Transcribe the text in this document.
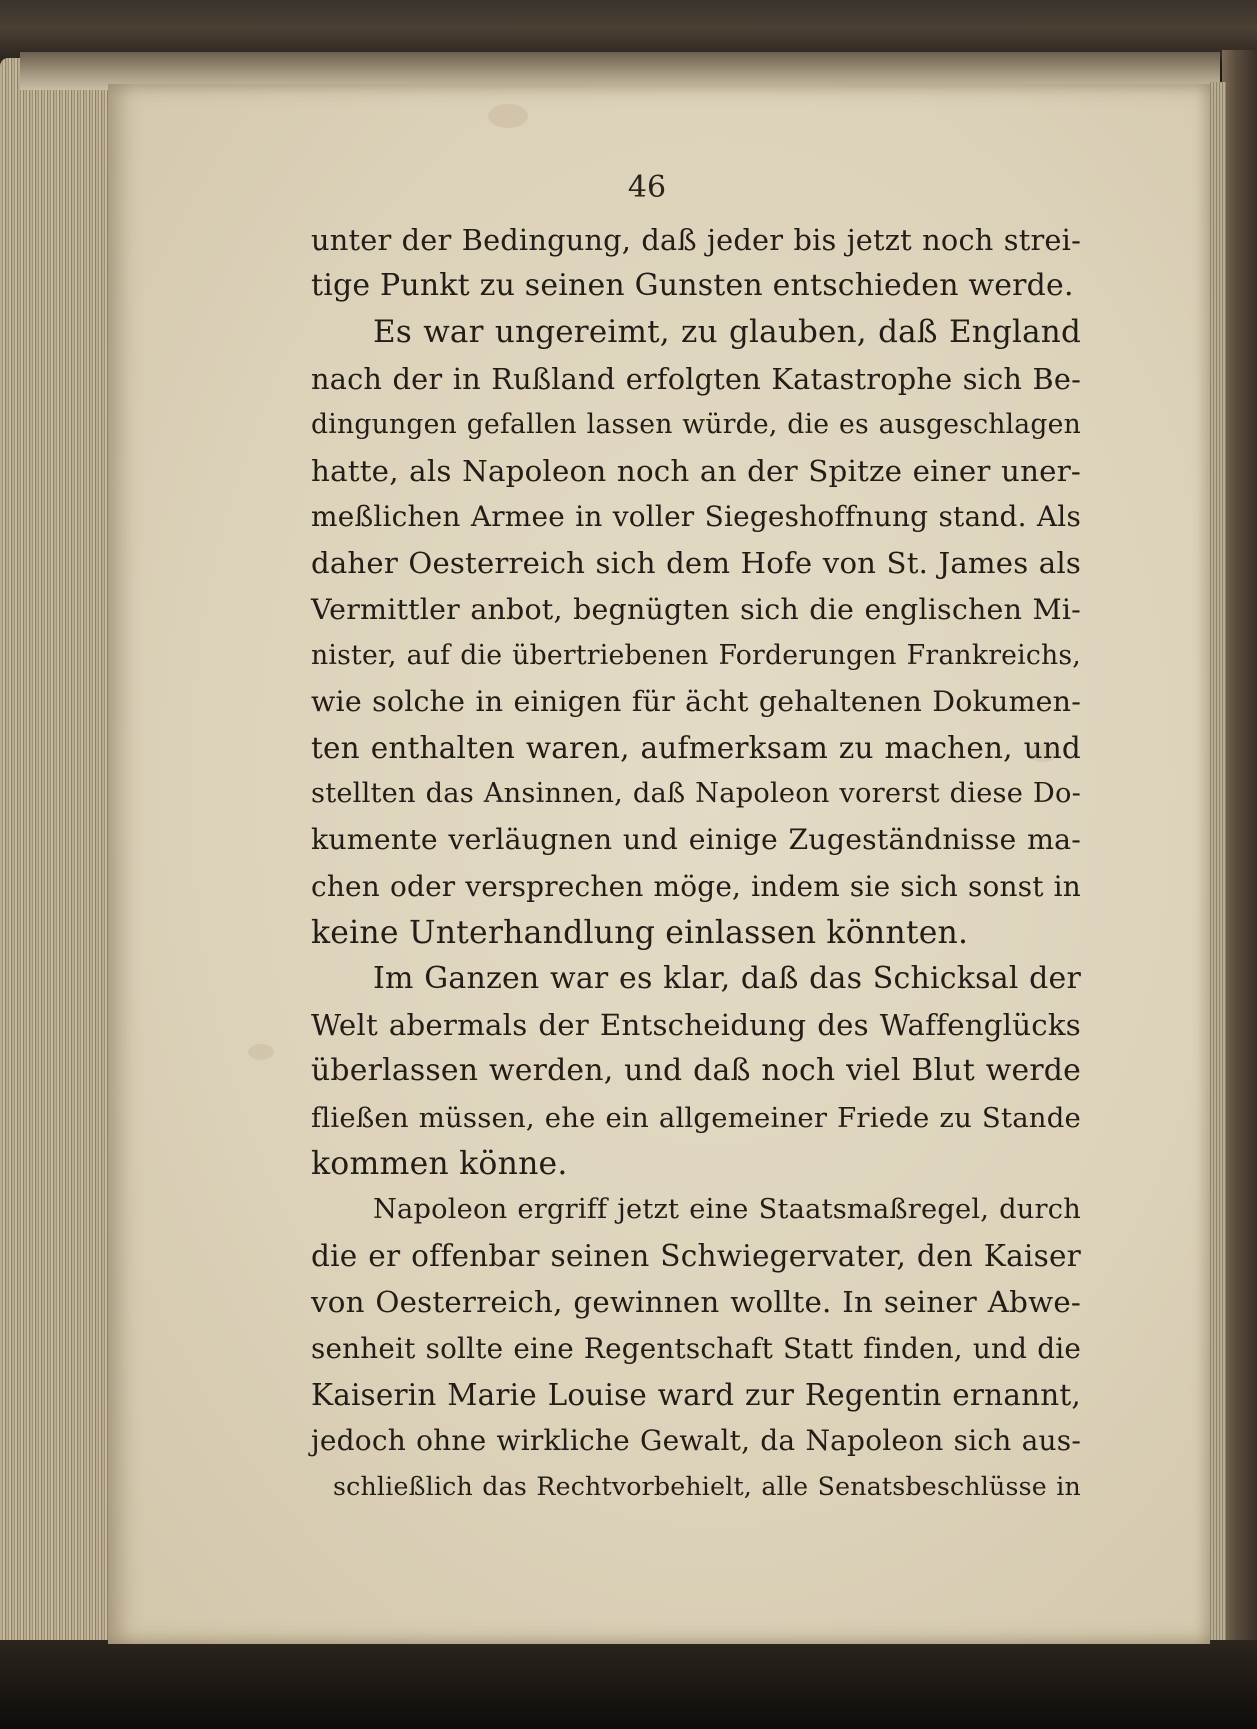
46
unter der Bedingung, daß jeder bis jetzt noch strei-
tige Punkt zu seinen Gunsten entschieden werde.
Es war ungereimt, zu glauben, daß England
nach der in Rußland erfolgten Katastrophe sich Be-
dingungen gefallen lassen würde, die es ausgeschlagen
hatte, als Napoleon noch an der Spitze einer uner-
meßlichen Armee in voller Siegeshoffnung stand. Als
daher Oesterreich sich dem Hofe von St. James als
Vermittler anbot, begnügten sich die englischen Mi-
nister, auf die übertriebenen Forderungen Frankreichs,
wie solche in einigen für ächt gehaltenen Dokumen-
ten enthalten waren, aufmerksam zu machen, und
stellten das Ansinnen, daß Napoleon vorerst diese Do-
kumente verläugnen und einige Zugeständnisse ma-
chen oder versprechen möge, indem sie sich sonst in
keine Unterhandlung einlassen könnten.
Im Ganzen war es klar, daß das Schicksal der
Welt abermals der Entscheidung des Waffenglücks
überlassen werden, und daß noch viel Blut werde
fließen müssen, ehe ein allgemeiner Friede zu Stande
kommen könne.
Napoleon ergriff jetzt eine Staatsmaßregel, durch
die er offenbar seinen Schwiegervater, den Kaiser
von Oesterreich, gewinnen wollte. In seiner Abwe-
senheit sollte eine Regentschaft Statt finden, und die
Kaiserin Marie Louise ward zur Regentin ernannt,
jedoch ohne wirkliche Gewalt, da Napoleon sich aus-
schließlich das Rechtvorbehielt, alle Senatsbeschlüsse in
